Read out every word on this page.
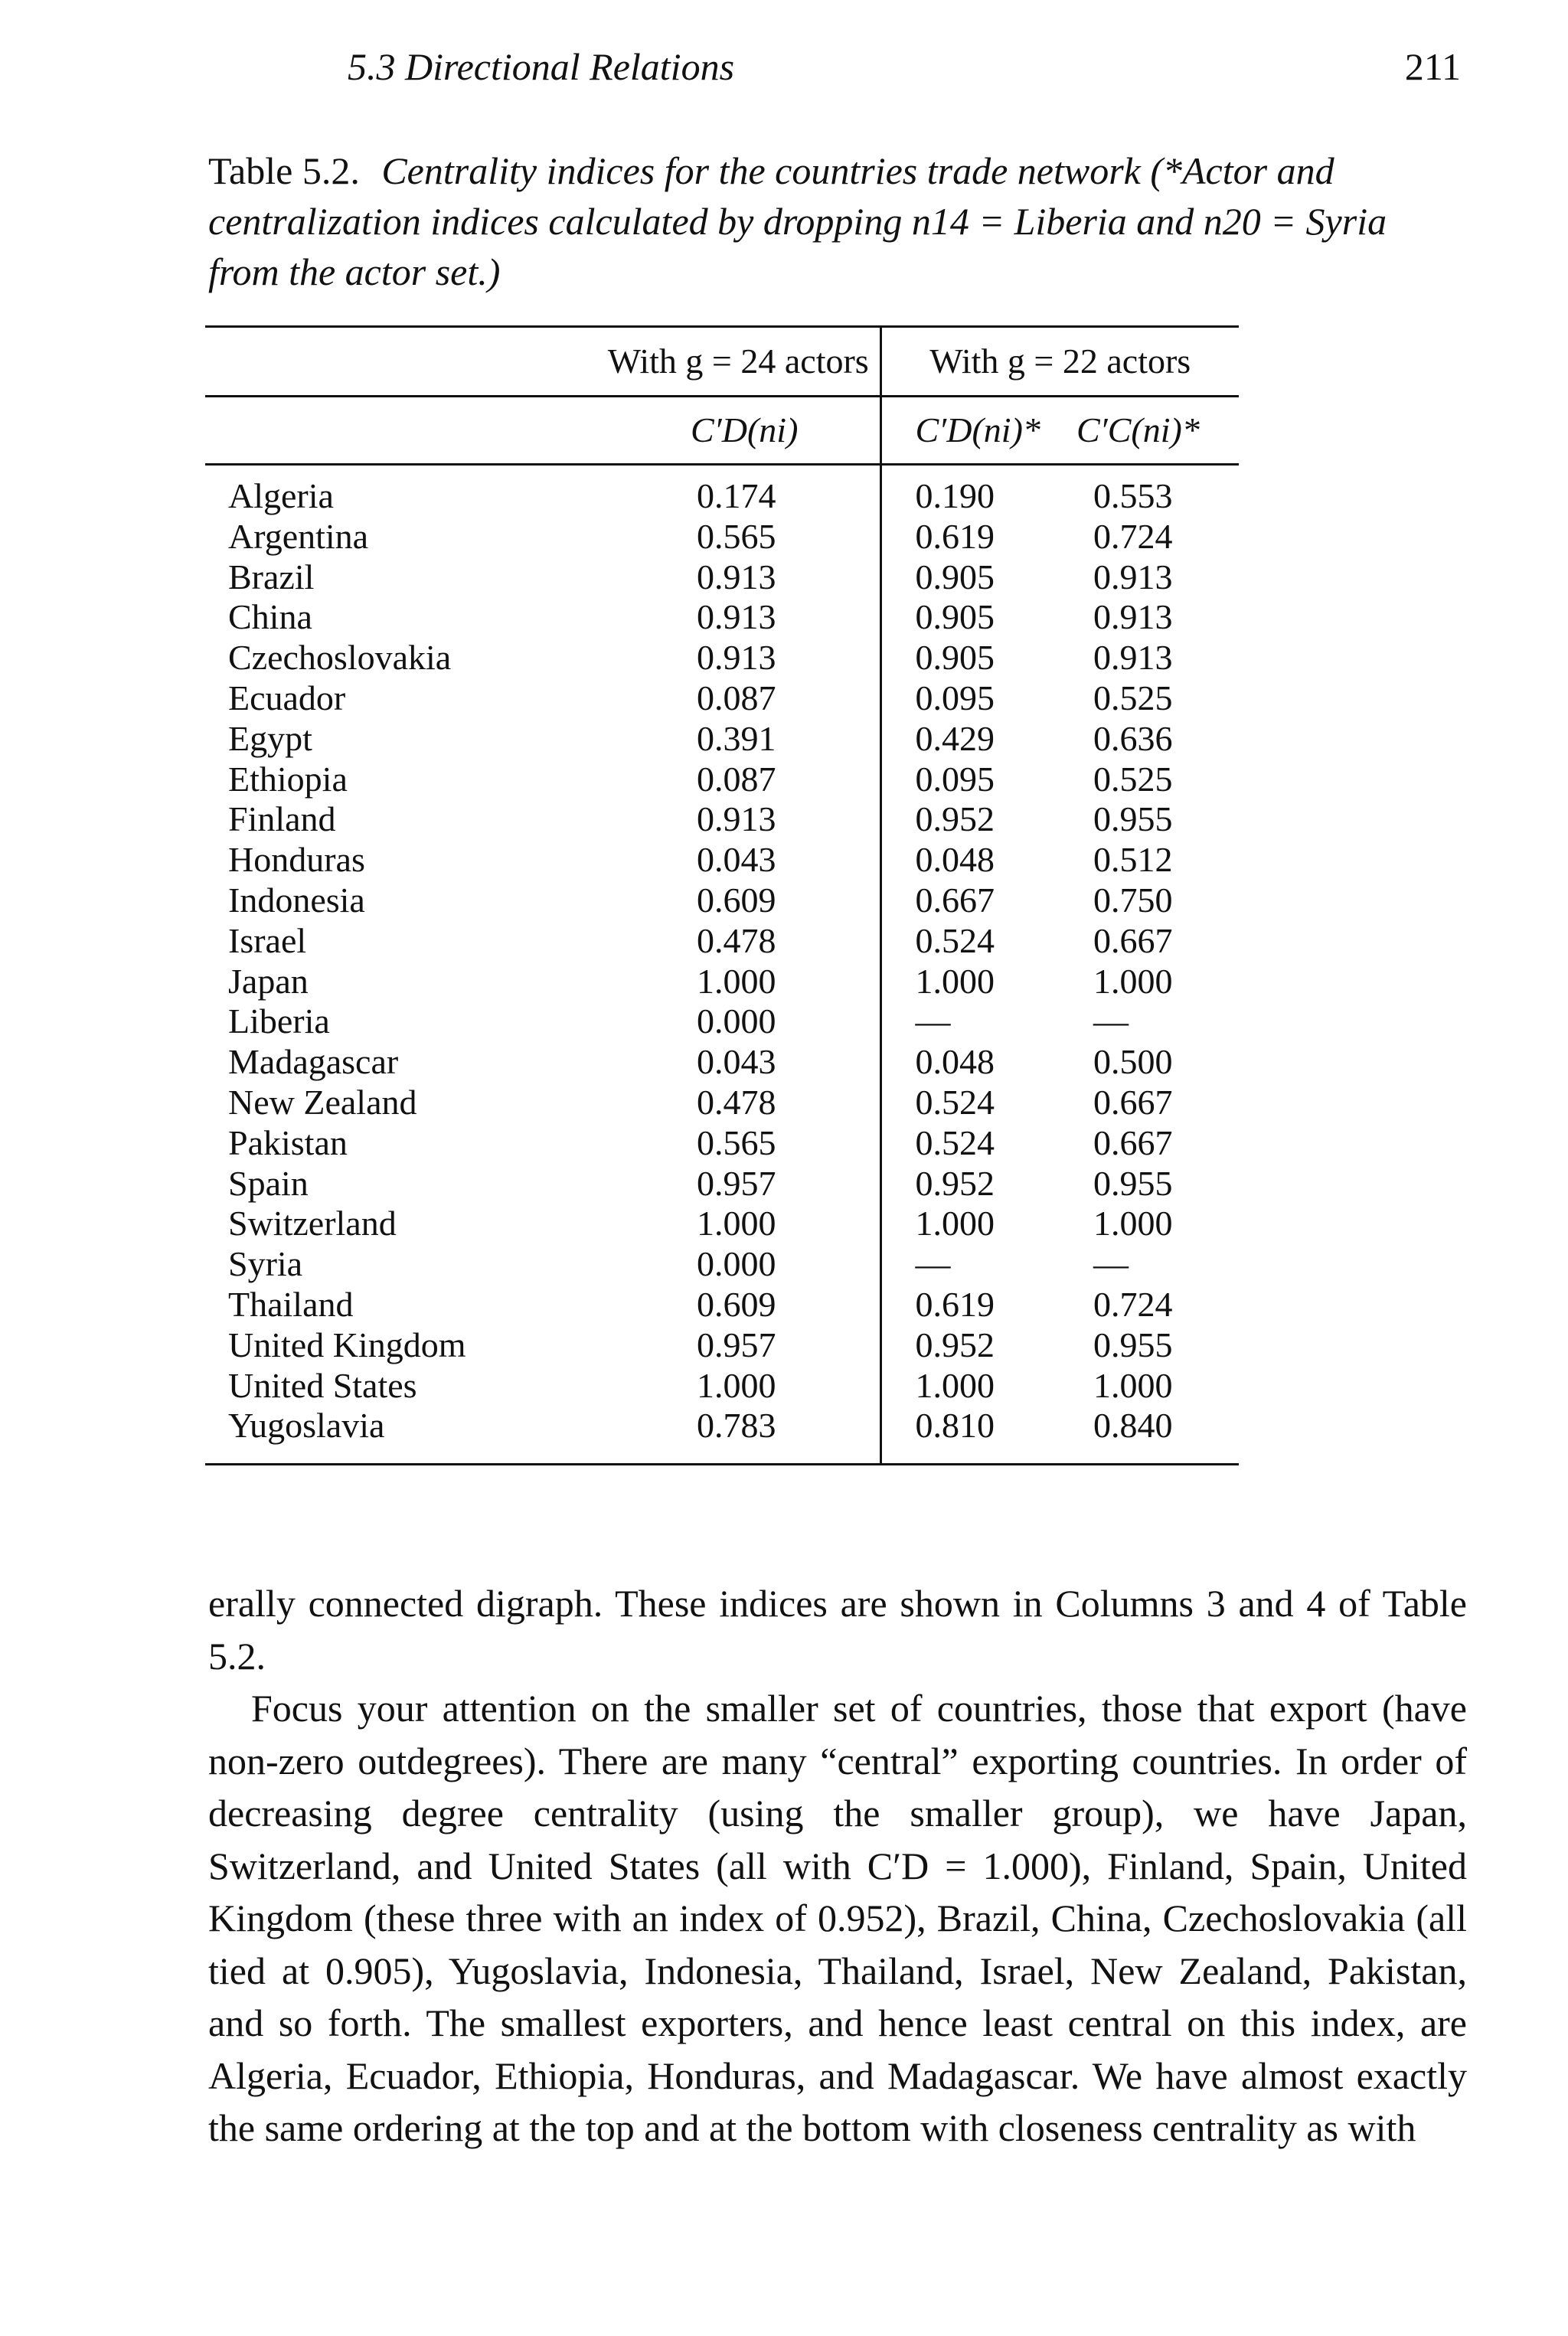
5.3 Directional Relations	211
Table 5.2. Centrality indices for the countries trade network (*Actor and centralization indices calculated by dropping n14 = Liberia and n20 = Syria from the actor set.)
	With g = 24 actors	With g = 22 actors	
	C′D(ni)	C′D(ni)*	C′C(ni)*
Algeria	0.174	0.190	0.553
Argentina	0.565	0.619	0.724
Brazil	0.913	0.905	0.913
China	0.913	0.905	0.913
Czechoslovakia	0.913	0.905	0.913
Ecuador	0.087	0.095	0.525
Egypt	0.391	0.429	0.636
Ethiopia	0.087	0.095	0.525
Finland	0.913	0.952	0.955
Honduras	0.043	0.048	0.512
Indonesia	0.609	0.667	0.750
Israel	0.478	0.524	0.667
Japan	1.000	1.000	1.000
Liberia	0.000	—	—
Madagascar	0.043	0.048	0.500
New Zealand	0.478	0.524	0.667
Pakistan	0.565	0.524	0.667
Spain	0.957	0.952	0.955
Switzerland	1.000	1.000	1.000
Syria	0.000	—	—
Thailand	0.609	0.619	0.724
United Kingdom	0.957	0.952	0.955
United States	1.000	1.000	1.000
Yugoslavia	0.783	0.810	0.840

erally connected digraph. These indices are shown in Columns 3 and 4 of Table 5.2.

Focus your attention on the smaller set of countries, those that export (have non-zero outdegrees). There are many “central” exporting countries. In order of decreasing degree centrality (using the smaller group), we have Japan, Switzerland, and United States (all with C′D = 1.000), Finland, Spain, United Kingdom (these three with an index of 0.952), Brazil, China, Czechoslovakia (all tied at 0.905), Yugoslavia, Indonesia, Thailand, Israel, New Zealand, Pakistan, and so forth. The smallest exporters, and hence least central on this index, are Algeria, Ecuador, Ethiopia, Honduras, and Madagascar. We have almost exactly the same ordering at the top and at the bottom with closeness centrality as with
